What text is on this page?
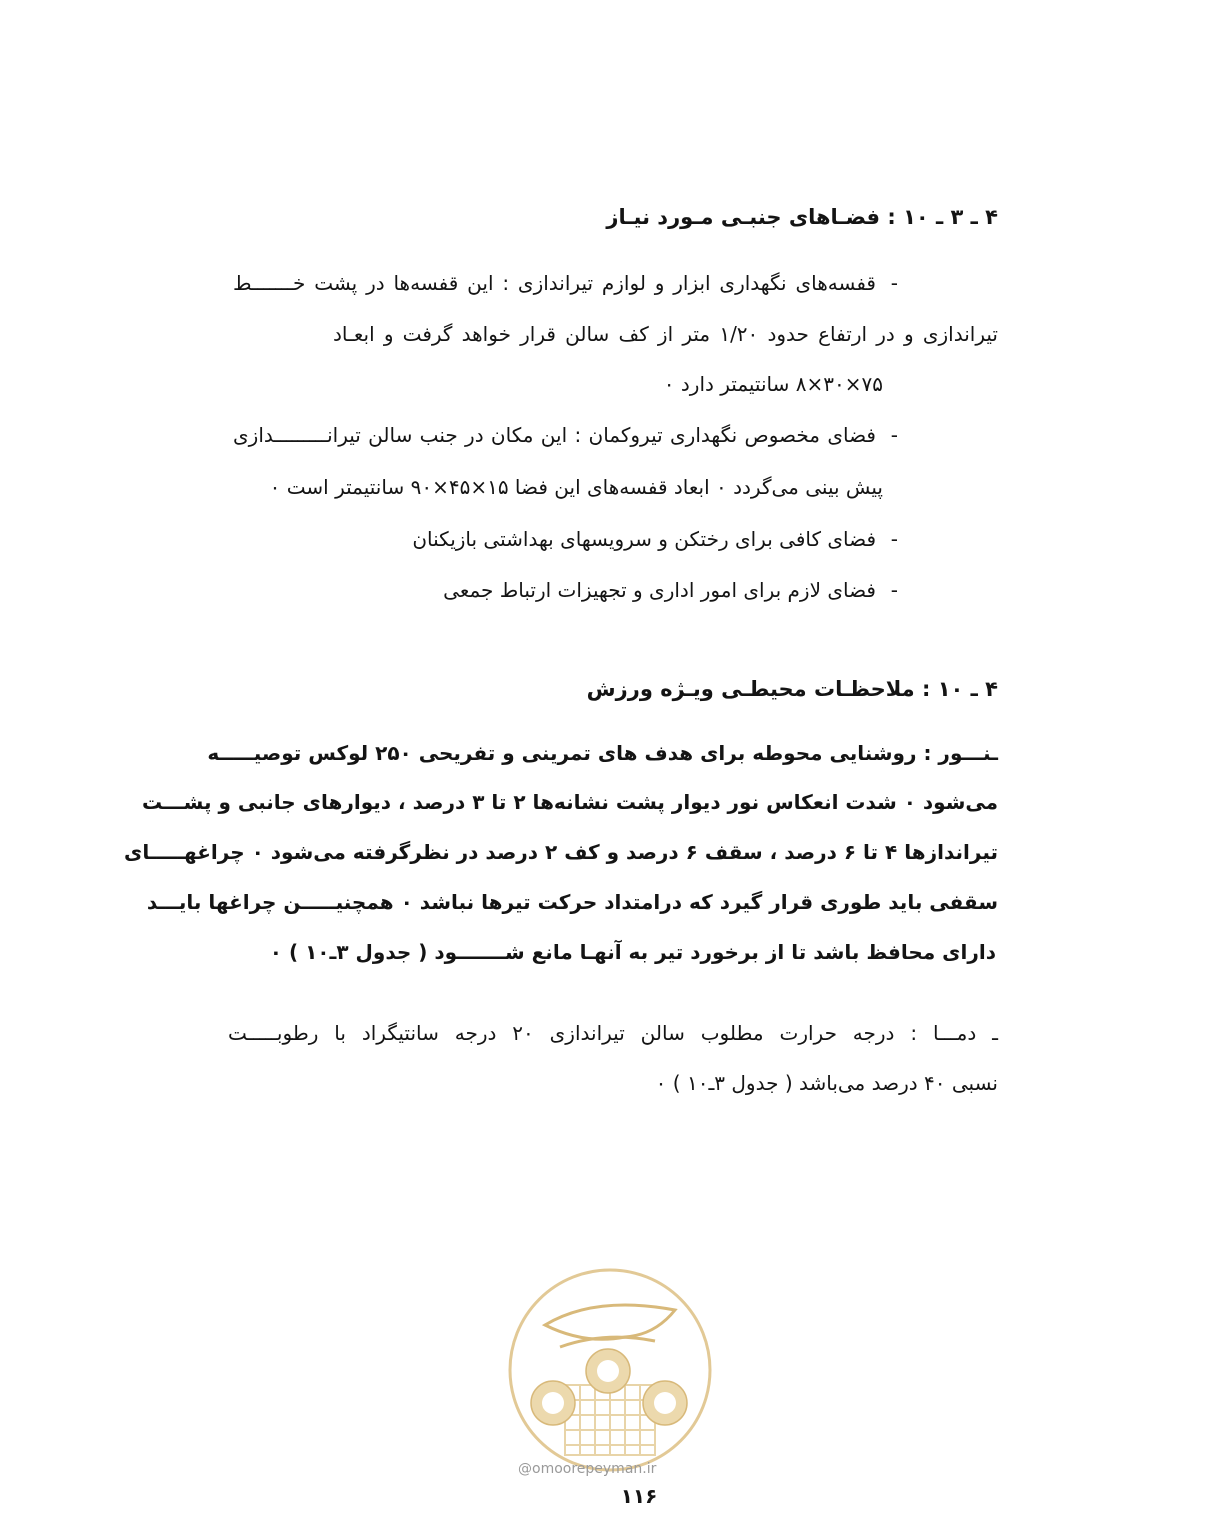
۴ ـ ۳ ـ ۱۰ : فضـاهای جنبـی مـورد نیـاز
-قفسه‌های نگهداری ابزار و لوازم تیراندازی : این قفسه‌ها در پشت خـــــــط
تیراندازی و در ارتفاع حدود ۱/۲۰ متر از کف سالن قرار خواهد گرفت و ابعـاد
۷۵×۳۰×۸ سانتیمتر دارد ۰
-فضای مخصوص نگهداری تیروکمان : این مکان در جنب سالن تیرانـــــــــدازی
پیش بینی می‌گردد ۰ ابعاد قفسه‌های این فضا ۱۵×۴۵×۹۰ سانتیمتر است ۰
-فضای کافی برای رختکن و سرویسهای بهداشتی بازیکنان
-فضای لازم برای امور اداری و تجهیزات ارتباط جمعی
۴ ـ ۱۰ : ملاحظـات محیطـی ویـژه ورزش
ـنـــور : روشنایی محوطه برای هدف های تمرینی و تفریحی ۲۵۰ لوکس توصیـــــه
می‌شود ۰ شدت انعکاس نور دیوار پشت نشانه‌ها ۲ تا ۳ درصد ، دیوارهای جانبی و پشـــت
تیراندازها ۴ تا ۶ درصد ، سقف ۶ درصد و کف ۲ درصد در نظرگرفته می‌شود ۰ چراغهـــــای
سقفی باید طوری قرار گیرد که درامتداد حرکت تیرها نباشد ۰ همچنیـــــن چراغها بایـــد
دارای محافظ باشد تا از برخورد تیر به آنهـا مانع شـــــــود ( جدول ۳ـ۱۰ ) ۰
ـ دمـــا : درجه حرارت مطلوب سالن تیراندازی ۲۰ درجه سانتیگراد با رطوبـــــت
نسبی ۴۰ درصد می‌باشد ( جدول ۳ـ۱۰ ) ۰
@omoorepeyman.ir
۱۱۶
